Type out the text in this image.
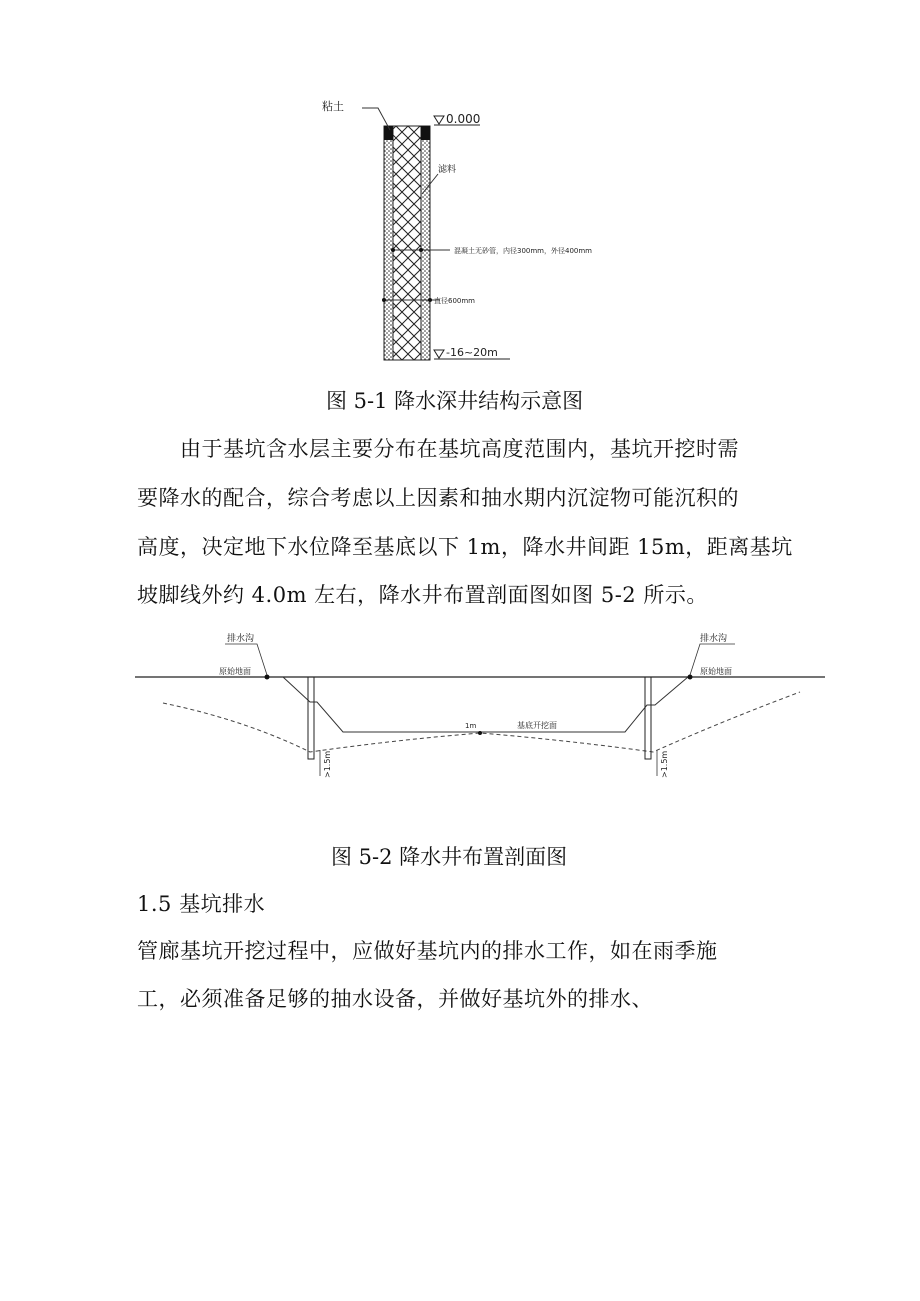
粘土
0.000
滤料
混凝土无砂管，内径300mm，外径400mm
直径600mm
-16~20m
图 5-1 降水深井结构示意图
由于基坑含水层主要分布在基坑高度范围内，基坑开挖时需
要降水的配合，综合考虑以上因素和抽水期内沉淀物可能沉积的
高度，决定地下水位降至基底以下 1m，降水井间距 15m，距离基坑
坡脚线外约 4.0m 左右，降水井布置剖面图如图 5-2 所示。
排水沟	排水沟
原始地面	原始地面
1m	基底开挖面
>1.5m	>1.5m
图 5-2 降水井布置剖面图
1.5 基坑排水
管廊基坑开挖过程中，应做好基坑内的排水工作，如在雨季施
工，必须准备足够的抽水设备，并做好基坑外的排水、
